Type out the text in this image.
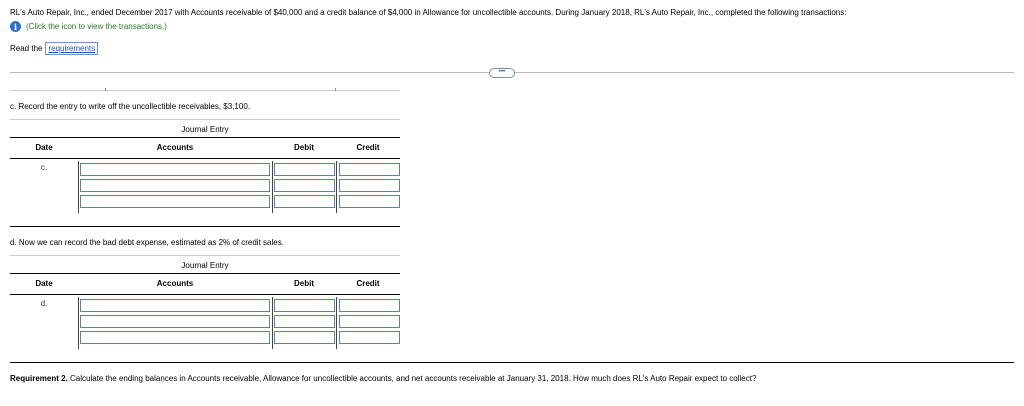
RL's Auto Repair, Inc., ended December 2017 with Accounts receivable of $40,000 and a credit balance of $4,000 in Allowance for uncollectible accounts. During January 2018, RL's Auto Repair, Inc., completed the following transactions:
i	(Click the icon to view the transactions.)
Read the requirements
•••
c. Record the entry to write off the uncollectible receivables, $3,100.
Journal Entry
Date	Accounts	Debit	Credit
c.
d. Now we can record the bad debt expense, estimated as 2% of credit sales.
Journal Entry
Date	Accounts	Debit	Credit
d.
Requirement 2. Calculate the ending balances in Accounts receivable, Allowance for uncollectible accounts, and net accounts receivable at January 31, 2018. How much does RL's Auto Repair expect to collect?
